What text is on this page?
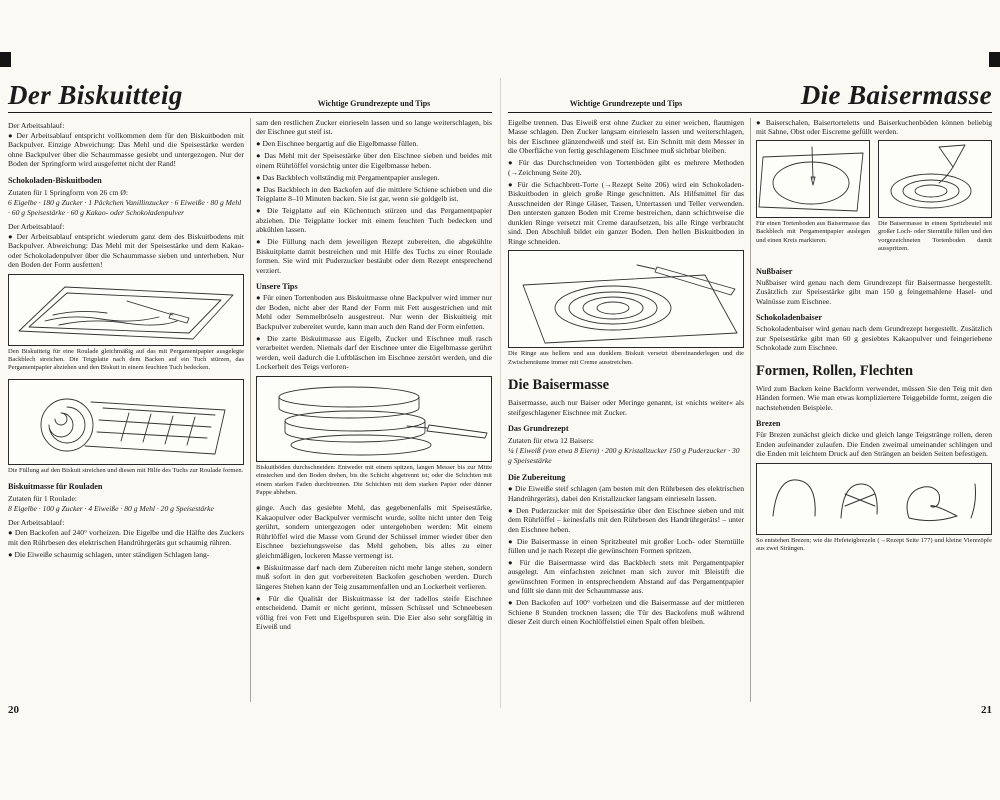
Der Biskuitteig	Wichtige Grundrezepte und Tips

Der Arbeitsablauf:

● Der Arbeitsablauf entspricht vollkommen dem für den Biskuitboden mit Backpulver. Einzige Abweichung: Das Mehl und die Speisestärke werden ohne Backpulver über die Schaummasse gesiebt und untergezogen. Nur der Boden der Springform wird ausgefettet nicht der Rand!

Schokoladen-Biskuitboden

Zutaten für 1 Springform von 26 cm Ø:

6 Eigelbe · 180 g Zucker · 1 Päckchen Vanillinzucker · 6 Eiweiße · 80 g Mehl · 60 g Speisestärke · 60 g Kakao- oder Schokoladenpulver

Der Arbeitsablauf:

● Der Arbeitsablauf entspricht wiederum ganz dem des Biskuitbodens mit Backpulver. Abweichung: Das Mehl mit der Speisestärke und dem Kakao- oder Schokoladenpulver über die Schaummasse sieben und unterheben. Nur den Boden der Form ausfetten!

Den Biskuitteig für eine Roulade gleichmäßig auf das mit Pergamentpapier ausgelegte Backblech streichen. Die Teigplatte nach dem Backen auf ein Tuch stürzen, das Pergamentpapier abziehen und den Biskuit in einem feuchten Tuch bedecken.

Die Füllung auf den Biskuit streichen und diesen mit Hilfe des Tuchs zur Roulade formen.

Biskuitmasse für Rouladen

Zutaten für 1 Roulade:

8 Eigelbe · 100 g Zucker · 4 Eiweiße · 80 g Mehl · 20 g Speisestärke

Der Arbeitsablauf:

● Den Backofen auf 240° vorheizen. Die Eigelbe und die Hälfte des Zuckers mit den Rührbesen des elektrischen Handrührgeräts gut schaumig rühren.

● Die Eiweiße schaumig schlagen, unter ständigen Schlagen lang-

sam den restlichen Zucker einrieseln lassen und so lange weiterschlagen, bis der Eischnee gut steif ist.

● Den Eischnee bergartig auf die Eigelbmasse füllen.

● Das Mehl mit der Speisestärke über den Eischnee sieben und beides mit einem Rührlöffel vorsichtig unter die Eigelbmasse heben.

● Das Backblech vollständig mit Pergamentpapier auslegen.

● Das Backblech in den Backofen auf die mittlere Schiene schieben und die Teigplatte 8–10 Minuten backen. Sie ist gar, wenn sie goldgelb ist.

● Die Teigplatte auf ein Küchentuch stürzen und das Pergamentpapier abziehen. Die Teigplatte locker mit einem feuchten Tuch bedecken und abkühlen lassen.

● Die Füllung nach dem jeweiligen Rezept zubereiten, die abgekühlte Biskuitplatte damit bestreichen und mit Hilfe des Tuchs zu einer Roulade formen. Sie wird mit Puderzucker bestäubt oder dem Rezept entsprechend verziert.

Unsere Tips

● Für einen Tortenboden aus Biskuitmasse ohne Backpulver wird immer nur der Boden, nicht aber der Rand der Form mit Fett ausgestrichen und mit Mehl oder Semmelbröseln ausgestreut. Nur wenn der Biskuitteig mit Backpulver zubereitet wurde, kann man auch den Rand der Form einfetten.

● Die zarte Biskuitmasse aus Eigelb, Zucker und Eischnee muß rasch verarbeitet werden. Niemals darf der Eischnee unter die Eigelbmasse gerührt werden, weil dadurch die Luftbläschen im Eischnee zerstört werden, und die Lockerheit des Teigs verloren-

Biskuitböden durchschneiden: Entweder mit einem spitzen, langen Messer bis zur Mitte einstechen und den Boden drehen, bis die Schicht abgetrennt ist; oder die Schichten mit einem starken Faden durchtrennen. Die Schichten mit dem starken Papier oder dünner Pappe abheben.

ginge. Auch das gesiebte Mehl, das gegebenenfalls mit Speisestärke, Kakaopulver oder Backpulver vermischt wurde, sollte nicht unter den Teig gerührt, sondern untergezogen oder untergehoben werden: Mit einem Rührlöffel wird die Masse vom Grund der Schüssel immer wieder über den Eischnee beziehungsweise das Mehl gehoben, bis alles zu einer gleichmäßigen, lockeren Masse vermengt ist.

● Biskuitmasse darf nach dem Zubereiten nicht mehr lange stehen, sondern muß sofort in den gut vorbereiteten Backofen geschoben werden. Durch längeres Stehen kann der Teig zusammenfallen und an Lockerheit verlieren.

● Für die Qualität der Biskuitmasse ist der tadellos steife Eischnee entscheidend. Damit er nicht gerinnt, müssen Schüssel und Schneebesen völlig frei von Fett und Eigelbspuren sein. Die Eier also sehr sorgfältig in Eiweiß und

20
Die Baisermasse
Wichtige Grundrezepte und Tips

Eigelbe trennen. Das Eiweiß erst ohne Zucker zu einer weichen, flaumigen Masse schlagen. Den Zucker langsam einrieseln lassen und weiterschlagen, bis der Eischnee glänzendweiß und steif ist. Ein Schnitt mit dem Messer in die Oberfläche von fertig geschlagenem Eischnee muß sichtbar bleiben.

● Für das Durchschneiden von Tortenböden gibt es mehrere Methoden (→Zeichnung Seite 20).

● Für die Schachbrett-Torte (→Rezept Seite 206) wird ein Schokoladen-Biskuitboden in gleich große Ringe geschnitten. Als Hilfsmittel für das Ausschneiden der Ringe Gläser, Tassen, Untertassen und Teller verwenden. Den untersten ganzen Boden mit Creme bestreichen, dann schichtweise die dunklen Ringe versetzt mit Creme daraufsetzen, bis alle Ringe verbraucht sind. Den Abschluß bildet ein ganzer Boden. Den hellen Biskuitboden in Ringe schneiden.

Die Ringe aus hellem und aus dunklem Biskuit versetzt übereinanderlegen und die Zwischenräume immer mit Creme ausstreichen.

Die Baisermasse

Baisermasse, auch nur Baiser oder Meringe genannt, ist »nichts weiter« als steifgeschlagener Eischnee mit Zucker.

Das Grundrezept

Zutaten für etwa 12 Baisers:

¼ l Eiweiß (von etwa 8 Eiern) · 200 g Kristallzucker 150 g Puderzucker · 30 g Speisestärke

Die Zubereitung

● Die Eiweiße steif schlagen (am besten mit den Rührbesen des elektrischen Handrührgeräts), dabei den Kristallzucker langsam einrieseln lassen.

● Den Puderzucker mit der Speisestärke über den Eischnee sieben und mit dem Rührlöffel – keinesfalls mit den Rührbesen des Handrührgeräts! – unter den Eischnee heben.

● Die Baisermasse in einen Spritzbeutel mit großer Loch- oder Sterntülle füllen und je nach Rezept die gewünschten Formen spritzen.

● Für die Baisermasse wird das Backblech stets mit Pergamentpapier ausgelegt. Am einfachsten zeichnet man sich zuvor mit Bleistift die gewünschten Formen in entsprechendem Abstand auf das Pergamentpapier und füllt sie dann mit der Schaummasse aus.

● Den Backofen auf 100° vorheizen und die Baisermasse auf der mittleren Schiene 8 Stunden trocknen lassen; die Tür des Backofens muß während dieser Zeit durch einen Kochlöffelstiel einen Spalt offen bleiben.

● Baiserschalen, Baisertorteletts und Baiserkuchenböden können beliebig mit Sahne, Obst oder Eiscreme gefüllt werden.

Für einen Tortenboden aus Baisermasse das Backblech mit Pergamentpapier auslegen und einen Kreis markieren.

Die Baisermasse in einem Spritzbeutel mit großer Loch- oder Sterntülle füllen und den vorgezeichneten Tortenboden damit ausspritzen.

Nußbaiser

Nußbaiser wird genau nach dem Grundrezept für Baisermasse hergestellt. Zusätzlich zur Speisestärke gibt man 150 g feingemahlene Hasel- und Walnüsse zum Eischnee.

Schokoladenbaiser

Schokoladenbaiser wird genau nach dem Grundrezept hergestellt. Zusätzlich zur Speisestärke gibt man 60 g gesiebtes Kakaopulver und feingeriebene Schokolade zum Eischnee.

Formen, Rollen, Flechten

Wird zum Backen keine Backform verwendet, müssen Sie den Teig mit den Händen formen. Wie man etwas kompliziertere Teiggebilde formt, zeigen die nachstehenden Beispiele.

Brezen

Für Brezen zunächst gleich dicke und gleich lange Teigstränge rollen, deren Enden aufeinander zulaufen. Die Enden zweimal umeinander schlingen und die Enden mit leichtem Druck auf den Strängen an beiden Seiten befestigen.

So entstehen Brezen; wie die Hefeteigbrezeln (→Rezept Seite 177) und kleine Vierezöpfe aus zwei Strängen.

21
